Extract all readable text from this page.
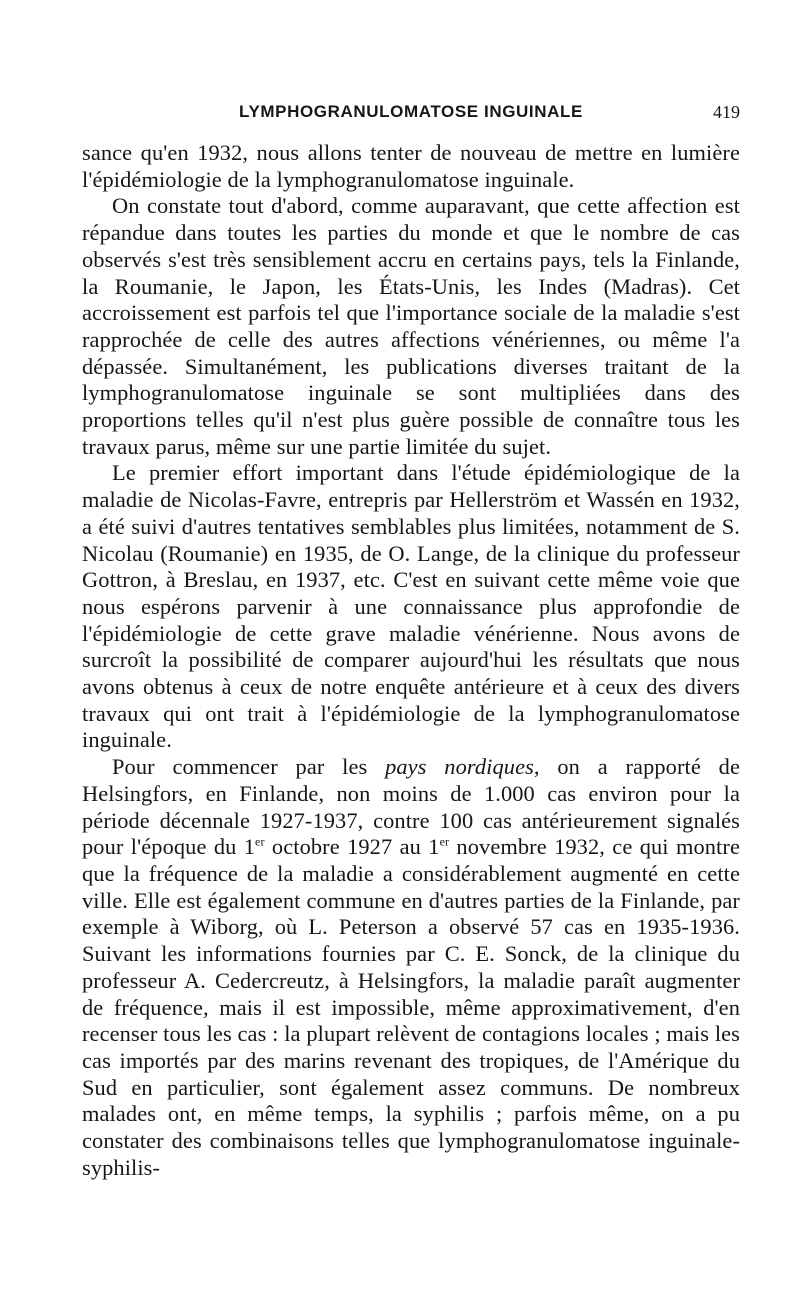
LYMPHOGRANULOMATOSE INGUINALE	419

sance qu'en 1932, nous allons tenter de nouveau de mettre en lumière l'épidémiologie de la lymphogranulomatose inguinale.

On constate tout d'abord, comme auparavant, que cette affection est répandue dans toutes les parties du monde et que le nombre de cas observés s'est très sensiblement accru en certains pays, tels la Finlande, la Roumanie, le Japon, les États-Unis, les Indes (Madras). Cet accroissement est parfois tel que l'importance sociale de la maladie s'est rapprochée de celle des autres affections vénériennes, ou même l'a dépassée. Simultanément, les publications diverses traitant de la lymphogranulomatose inguinale se sont multipliées dans des proportions telles qu'il n'est plus guère possible de connaître tous les travaux parus, même sur une partie limitée du sujet.

Le premier effort important dans l'étude épidémiologique de la maladie de Nicolas-Favre, entrepris par Hellerström et Wassén en 1932, a été suivi d'autres tentatives semblables plus limitées, notamment de S. Nicolau (Roumanie) en 1935, de O. Lange, de la clinique du professeur Gottron, à Breslau, en 1937, etc. C'est en suivant cette même voie que nous espérons parvenir à une connaissance plus approfondie de l'épidémiologie de cette grave maladie vénérienne. Nous avons de surcroît la possibilité de comparer aujourd'hui les résultats que nous avons obtenus à ceux de notre enquête antérieure et à ceux des divers travaux qui ont trait à l'épidémiologie de la lymphogranulomatose inguinale.

Pour commencer par les pays nordiques, on a rapporté de Helsingfors, en Finlande, non moins de 1.000 cas environ pour la période décennale 1927-1937, contre 100 cas antérieurement signalés pour l'époque du 1er octobre 1927 au 1er novembre 1932, ce qui montre que la fréquence de la maladie a considérablement augmenté en cette ville. Elle est également commune en d'autres parties de la Finlande, par exemple à Wiborg, où L. Peterson a observé 57 cas en 1935-1936. Suivant les informations fournies par C. E. Sonck, de la clinique du professeur A. Cedercreutz, à Helsingfors, la maladie paraît augmenter de fréquence, mais il est impossible, même approximativement, d'en recenser tous les cas : la plupart relèvent de contagions locales ; mais les cas importés par des marins revenant des tropiques, de l'Amérique du Sud en particulier, sont également assez communs. De nombreux malades ont, en même temps, la syphilis ; parfois même, on a pu constater des combinaisons telles que lymphogranulomatose inguinale-syphilis-
